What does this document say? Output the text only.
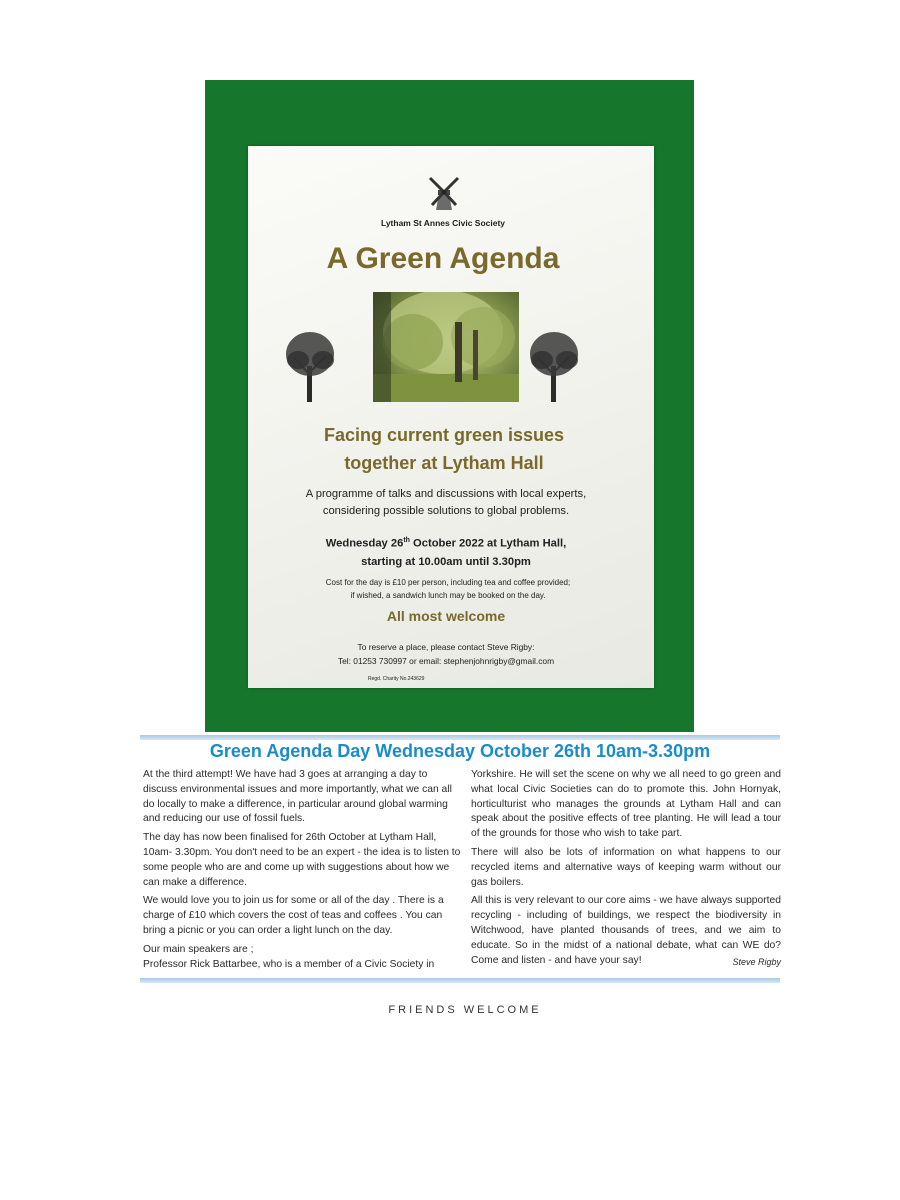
Lytham St Annes Civic Society
A Green Agenda
Facing current green issues
together at Lytham Hall
A programme of talks and discussions with local experts,
considering possible solutions to global problems.
Wednesday 26th October 2022 at Lytham Hall,
starting at 10.00am until 3.30pm
Cost for the day is £10 per person, including tea and coffee provided;
if wished, a sandwich lunch may be booked on the day.
All most welcome
To reserve a place, please contact Steve Rigby:
Tel: 01253 730997 or email: stephenjohnrigby@gmail.com
Regd. Charity No.243629
Green Agenda Day Wednesday October 26th 10am-3.30pm

At the third attempt! We have had 3 goes at arranging a day to discuss environmental issues and more importantly, what we can all do locally to make a difference, in particular around global warming and reducing our use of fossil fuels.

The day has now been finalised for 26th October at Lytham Hall, 10am- 3.30pm. You don't need to be an expert - the idea is to listen to some people who are and come up with suggestions about how we can make a difference.

We would love you to join us for some or all of the day . There is a charge of £10 which covers the cost of teas and coffees . You can bring a picnic or you can order a light lunch on the day.

Our main speakers are ;

Professor Rick Battarbee, who is a member of a Civic Society in

Yorkshire. He will set the scene on why we all need to go green and what local Civic Societies can do to promote this. John Hornyak, horticulturist who manages the grounds at Lytham Hall and can speak about the positive effects of tree planting. He will lead a tour of the grounds for those who wish to take part.

There will also be lots of information on what happens to our recycled items and alternative ways of keeping warm without our gas boilers.

All this is very relevant to our core aims - we have always supported recycling - including of buildings, we respect the biodiversity in Witchwood, have planted thousands of trees, and we aim to educate. So in the midst of a national debate, what can WE do? Come and listen - and have your say!	Steve Rigby

FRIENDS WELCOME
